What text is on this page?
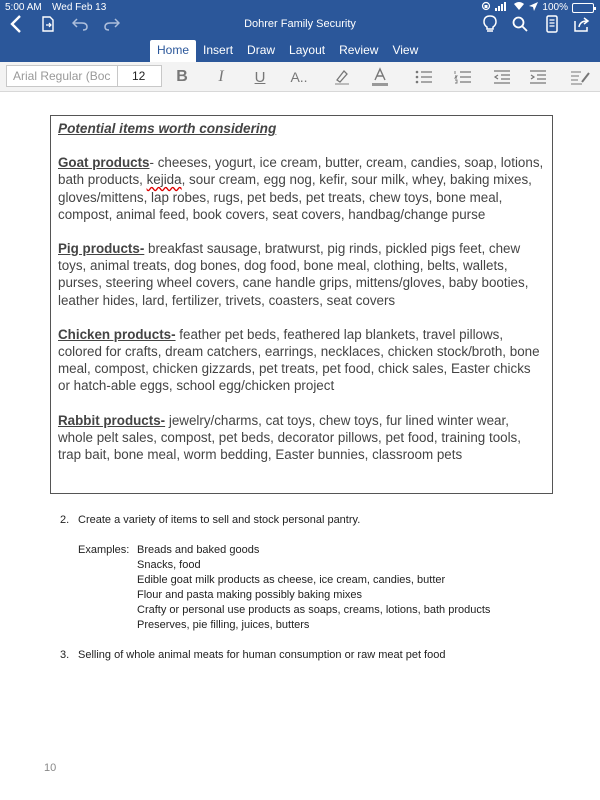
5:00 AM Wed Feb 13	100%
Dohrer Family Security
Home	Insert	Draw	Layout	Review	View
Arial Regular (Boc	12	B	I	U	A..

Potential items worth considering

Goat products- cheeses, yogurt, ice cream, butter, cream, candies, soap, lotions, bath products, kejida, sour cream, egg nog, kefir, sour milk, whey, baking mixes, gloves/mittens, lap robes, rugs, pet beds, pet treats, chew toys, bone meal, compost, animal feed, book covers, seat covers, handbag/change purse

Pig products- breakfast sausage, bratwurst, pig rinds, pickled pigs feet, chew toys, animal treats, dog bones, dog food, bone meal, clothing, belts, wallets, purses, steering wheel covers, cane handle grips, mittens/gloves, baby booties, leather hides, lard, fertilizer, trivets, coasters, seat covers

Chicken products- feather pet beds, feathered lap blankets, travel pillows, colored for crafts, dream catchers, earrings, necklaces, chicken stock/broth, bone meal, compost, chicken gizzards, pet treats, pet food, chick sales, Easter chicks or hatch-able eggs, school egg/chicken project

Rabbit products- jewelry/charms, cat toys, chew toys, fur lined winter wear, whole pelt sales, compost, pet beds, decorator pillows, pet food, training tools, trap bait, bone meal, worm bedding, Easter bunnies, classroom pets

2. Create a variety of items to sell and stock personal pantry.
Examples: Breads and baked goods
Snacks, food
Edible goat milk products as cheese, ice cream, candies, butter
Flour and pasta making possibly baking mixes
Crafty or personal use products as soaps, creams, lotions, bath products
Preserves, pie filling, juices, butters
3. Selling of whole animal meats for human consumption or raw meat pet food
10
